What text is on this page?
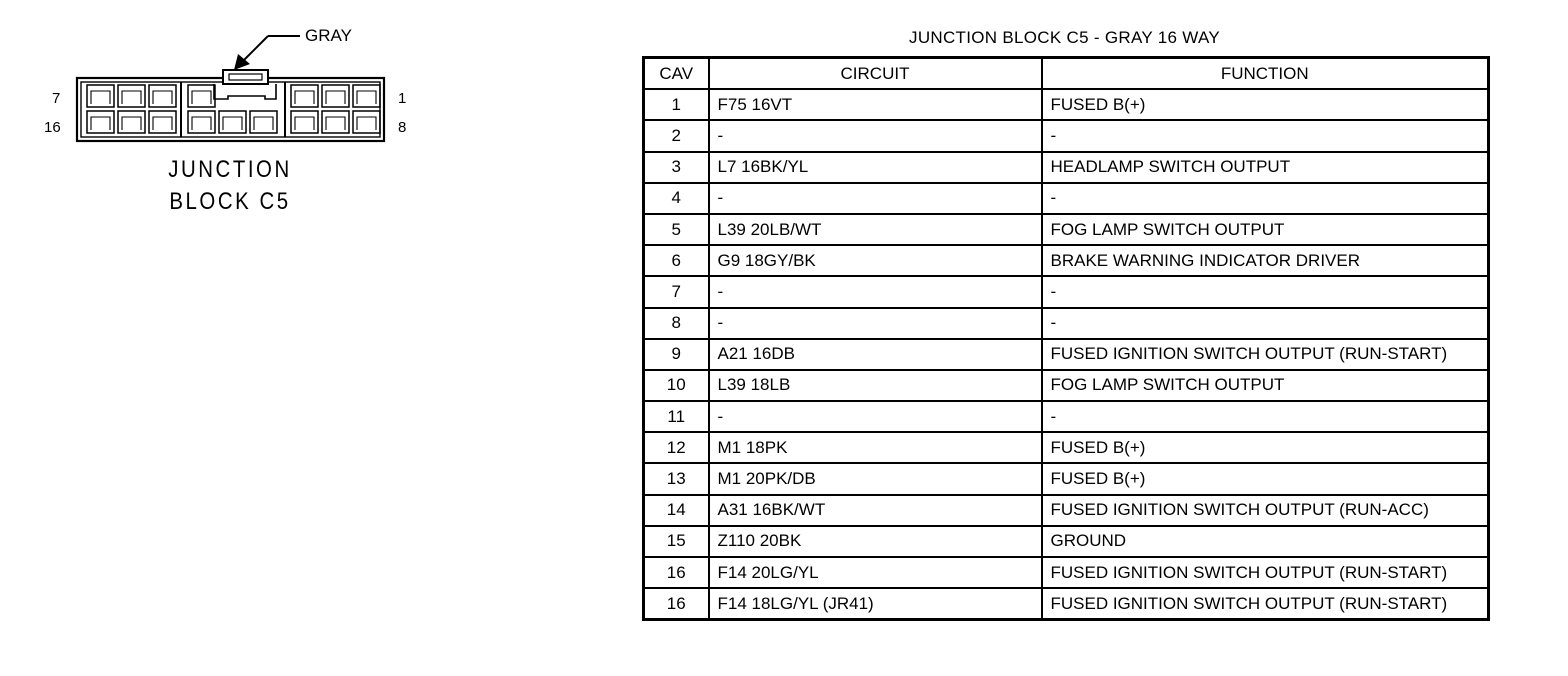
GRAY
7
16
1
8
JUNCTION
BLOCK C5
JUNCTION BLOCK C5 - GRAY 16 WAY
CAV	CIRCUIT	FUNCTION
1	F75 16VT	FUSED B(+)
2	-	-
3	L7 16BK/YL	HEADLAMP SWITCH OUTPUT
4	-	-
5	L39 20LB/WT	FOG LAMP SWITCH OUTPUT
6	G9 18GY/BK	BRAKE WARNING INDICATOR DRIVER
7	-	-
8	-	-
9	A21 16DB	FUSED IGNITION SWITCH OUTPUT (RUN-START)
10	L39 18LB	FOG LAMP SWITCH OUTPUT
11	-	-
12	M1 18PK	FUSED B(+)
13	M1 20PK/DB	FUSED B(+)
14	A31 16BK/WT	FUSED IGNITION SWITCH OUTPUT (RUN-ACC)
15	Z110 20BK	GROUND
16	F14 20LG/YL	FUSED IGNITION SWITCH OUTPUT (RUN-START)
16	F14 18LG/YL (JR41)	FUSED IGNITION SWITCH OUTPUT (RUN-START)
